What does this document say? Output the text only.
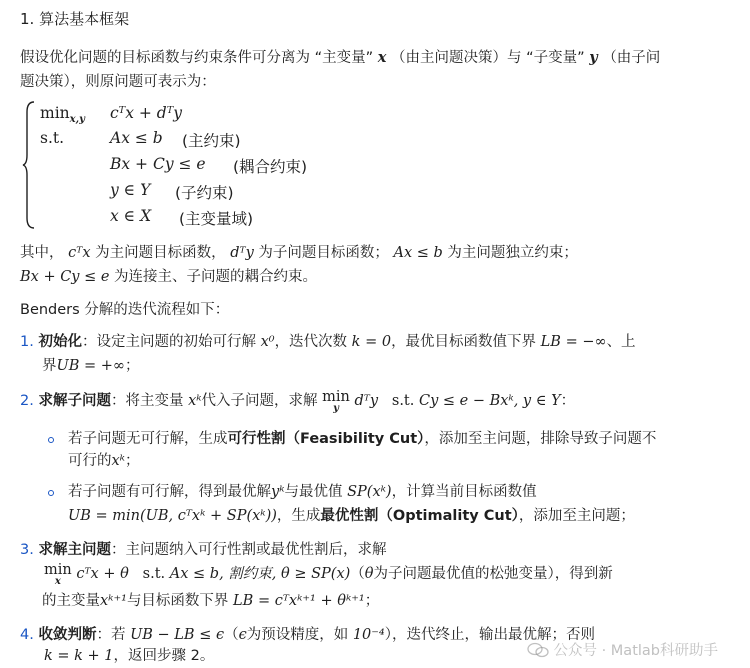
1. 算法基本框架
假设优化问题的目标函数与约束条件可分离为 “主变量” x （由主问题决策）与 “子变量” y （由子问
题决策），则原问题可表示为：
$\min_{x,y}$ cᵀx + dᵀy
s.t.	Ax ≤ b (主约束)
Bx + Cy ≤ e (耦合约束)
y ∈ Y (子约束)
x ∈ X (主变量域)
其中， cᵀx 为主问题目标函数， dᵀy 为子问题目标函数； Ax ≤ b 为主问题独立约束；
Bx + Cy ≤ e 为连接主、子问题的耦合约束。
Benders 分解的迭代流程如下：
1. 初始化：设定主问题的初始可行解 x⁰，迭代次数 k = 0，最优目标函数值下界 LB = −∞、上
界UB = +∞；
2. 求解子问题：将主变量 xᵏ代入子问题，求解 min
y	dᵀy s.t. Cy ≤ e − Bxᵏ, y ∈ Y：
若子问题无可行解，生成可行性割（Feasibility Cut），添加至主问题，排除导致子问题不
可行的xᵏ；
若子问题有可行解，得到最优解yᵏ与最优值 SP(xᵏ)，计算当前目标函数值
UB = min(UB, cᵀxᵏ + SP(xᵏ))，生成最优性割（Optimality Cut），添加至主问题；
3. 求解主问题：主问题纳入可行性割或最优性割后，求解
min
x	cᵀx + θ s.t. Ax ≤ b, 割约束, θ ≥ SP(x)（θ为子问题最优值的松弛变量），得到新
的主变量xᵏ⁺¹与目标函数下界 LB = cᵀxᵏ⁺¹ + θᵏ⁺¹；
4. 收敛判断：若 UB − LB ≤ ϵ（ϵ为预设精度，如 10⁻⁴），迭代终止，输出最优解；否则
k = k + 1，返回步骤 2。	公众号 · Matlab科研助手
